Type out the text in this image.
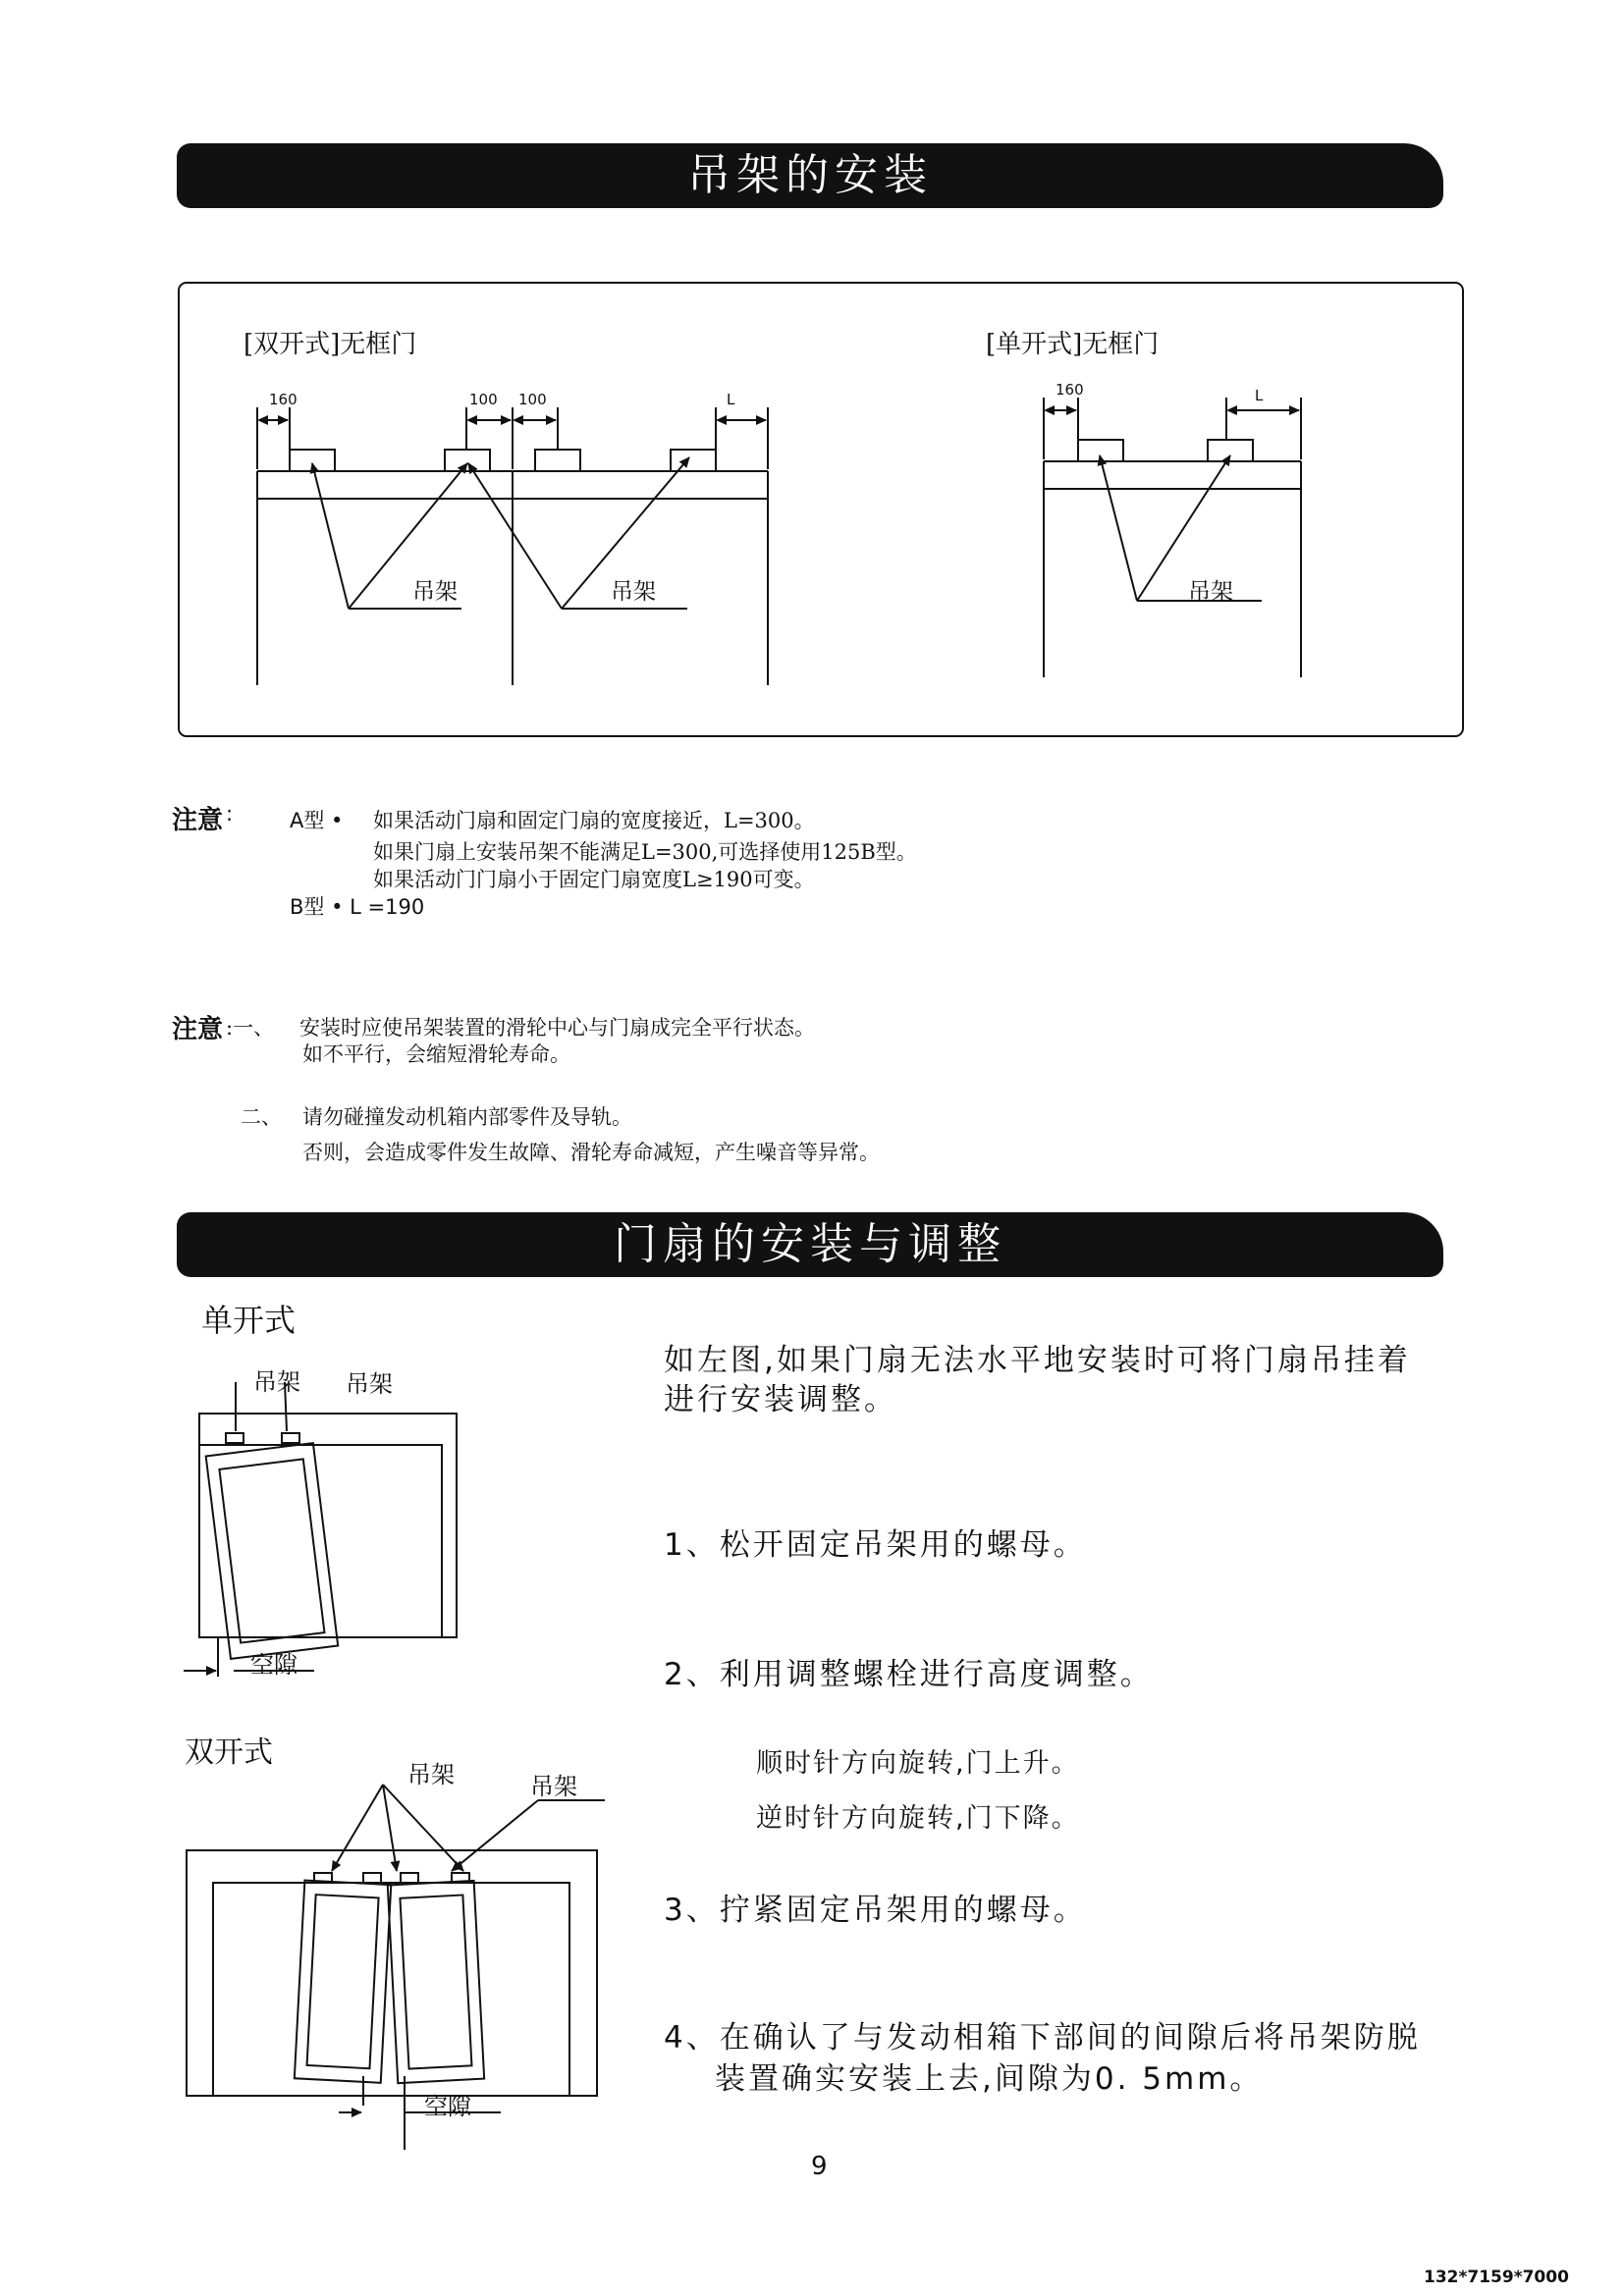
吊架的安装
[双开式]无框门	[单开式]无框门
160	100 100	L
160	L
吊架	吊架	吊架
注意 :	A型 • 如果活动门扇和固定门扇的宽度接近，L=300。
如果门扇上安装吊架不能满足L=300,可选择使用125B型。
如果活动门门扇小于固定门扇宽度L≥190可变。
B型 • L =190
注意 :一、 安装时应使吊架装置的滑轮中心与门扇成完全平行状态。
如不平行，会缩短滑轮寿命。
二、 请勿碰撞发动机箱内部零件及导轨。
否则，会造成零件发生故障、滑轮寿命减短，产生噪音等异常。
门扇的安装与调整
单开式
吊架 吊架
空隙
双开式
吊架	吊架
空隙
如左图,如果门扇无法水平地安装时可将门扇吊挂着
进行安装调整。
1、松开固定吊架用的螺母。
2、利用调整螺栓进行高度调整。
顺时针方向旋转,门上升。
逆时针方向旋转,门下降。
3、拧紧固定吊架用的螺母。
4、在确认了与发动相箱下部间的间隙后将吊架防脱
装置确实安装上去,间隙为0. 5mm。
9
132*7159*7000
